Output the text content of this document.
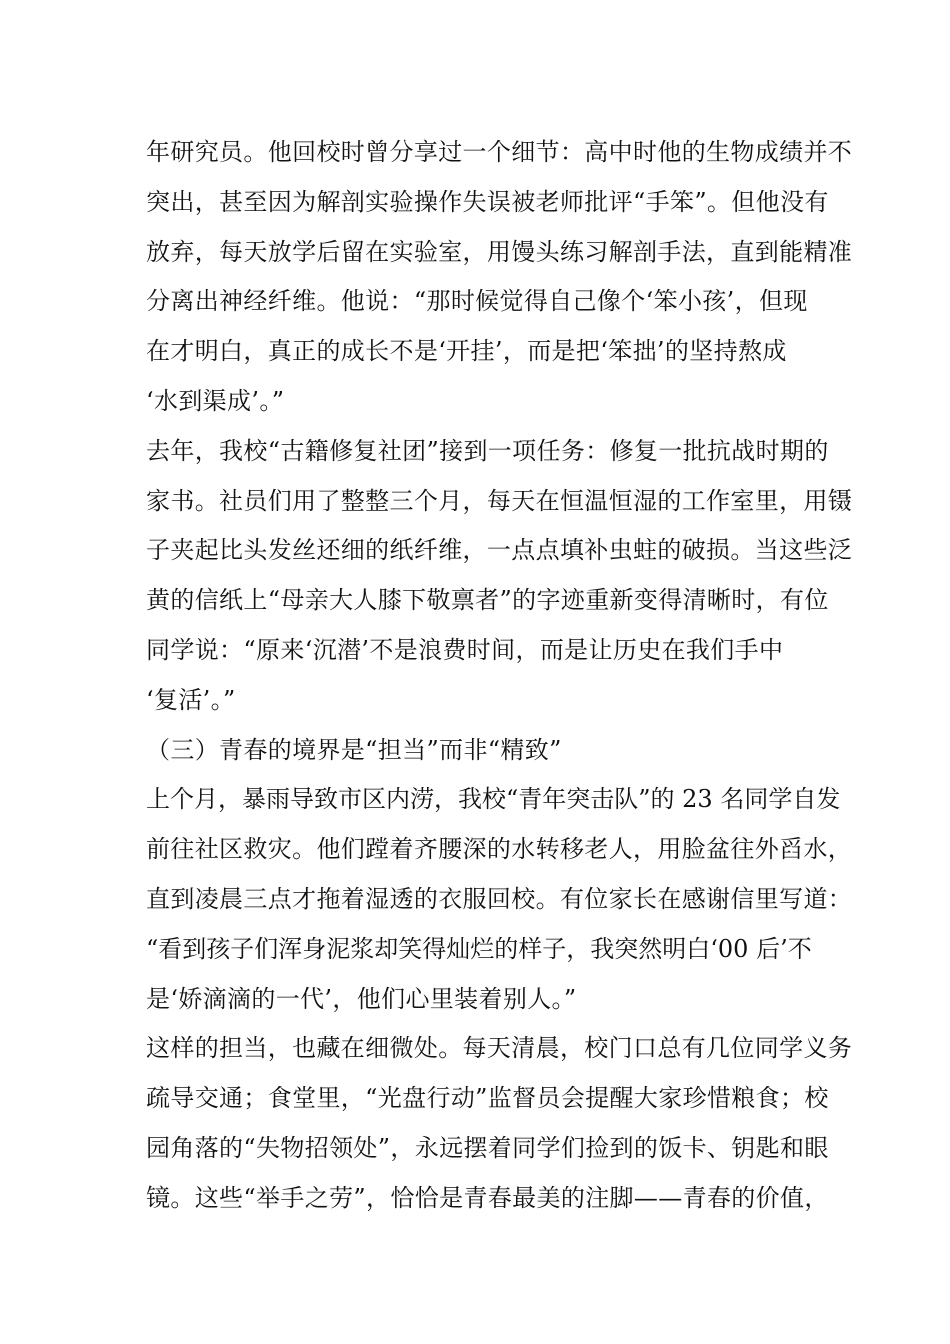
年研究员。他回校时曾分享过一个细节：高中时他的生物成绩并不
突出，甚至因为解剖实验操作失误被老师批评“手笨”。但他没有
放弃，每天放学后留在实验室，用馒头练习解剖手法，直到能精准
分离出神经纤维。他说：“那时候觉得自己像个‘笨小孩’，但现
在才明白，真正的成长不是‘开挂’，而是把‘笨拙’的坚持熬成
‘水到渠成’。”
去年，我校“古籍修复社团”接到一项任务：修复一批抗战时期的
家书。社员们用了整整三个月，每天在恒温恒湿的工作室里，用镊
子夹起比头发丝还细的纸纤维，一点点填补虫蛀的破损。当这些泛
黄的信纸上“母亲大人膝下敬禀者”的字迹重新变得清晰时，有位
同学说：“原来‘沉潜’不是浪费时间，而是让历史在我们手中
‘复活’。”
（三）青春的境界是“担当”而非“精致”
上个月，暴雨导致市区内涝，我校“青年突击队”的 23 名同学自发
前往社区救灾。他们蹚着齐腰深的水转移老人，用脸盆往外舀水，
直到凌晨三点才拖着湿透的衣服回校。有位家长在感谢信里写道：
“看到孩子们浑身泥浆却笑得灿烂的样子，我突然明白‘00 后’不
是‘娇滴滴的一代’，他们心里装着别人。”
这样的担当，也藏在细微处。每天清晨，校门口总有几位同学义务
疏导交通；食堂里，“光盘行动”监督员会提醒大家珍惜粮食；校
园角落的“失物招领处”，永远摆着同学们捡到的饭卡、钥匙和眼
镜。这些“举手之劳”，恰恰是青春最美的注脚——青春的价值，
